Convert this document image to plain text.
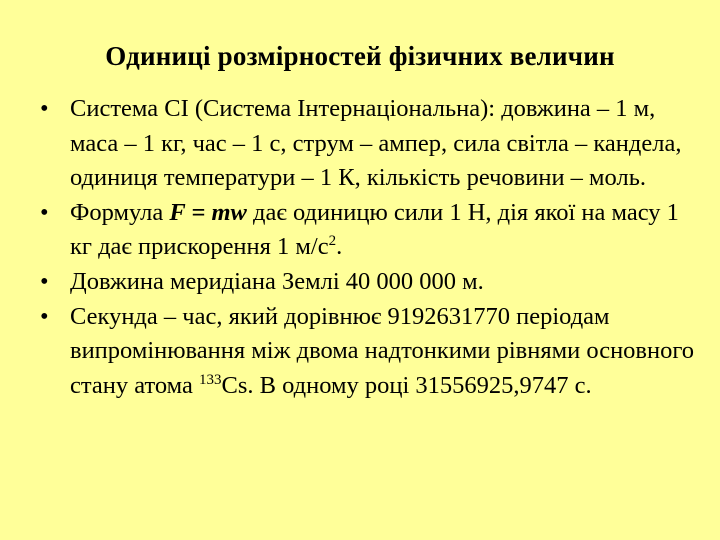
Одиниці розмірностей фізичних величин
• Система СІ (Система Інтернаціональна): довжина – 1 м, маса – 1 кг, час – 1 с, струм – ампер, сила світла – кандела, одиниця температури – 1 К, кількість речовини – моль.
• Формула F = mw дає одиницю сили 1 Н, дія якої на масу 1 кг дає прискорення 1 $м/с^2$.
• Довжина меридіана Землі 40 000 000 м.
• Секунда – час, який дорівнює 9192631770 періодам випромінювання між двома надтонкими рівнями основного стану атома $^{133}$Cs. В одному році 31556925,9747 с.
